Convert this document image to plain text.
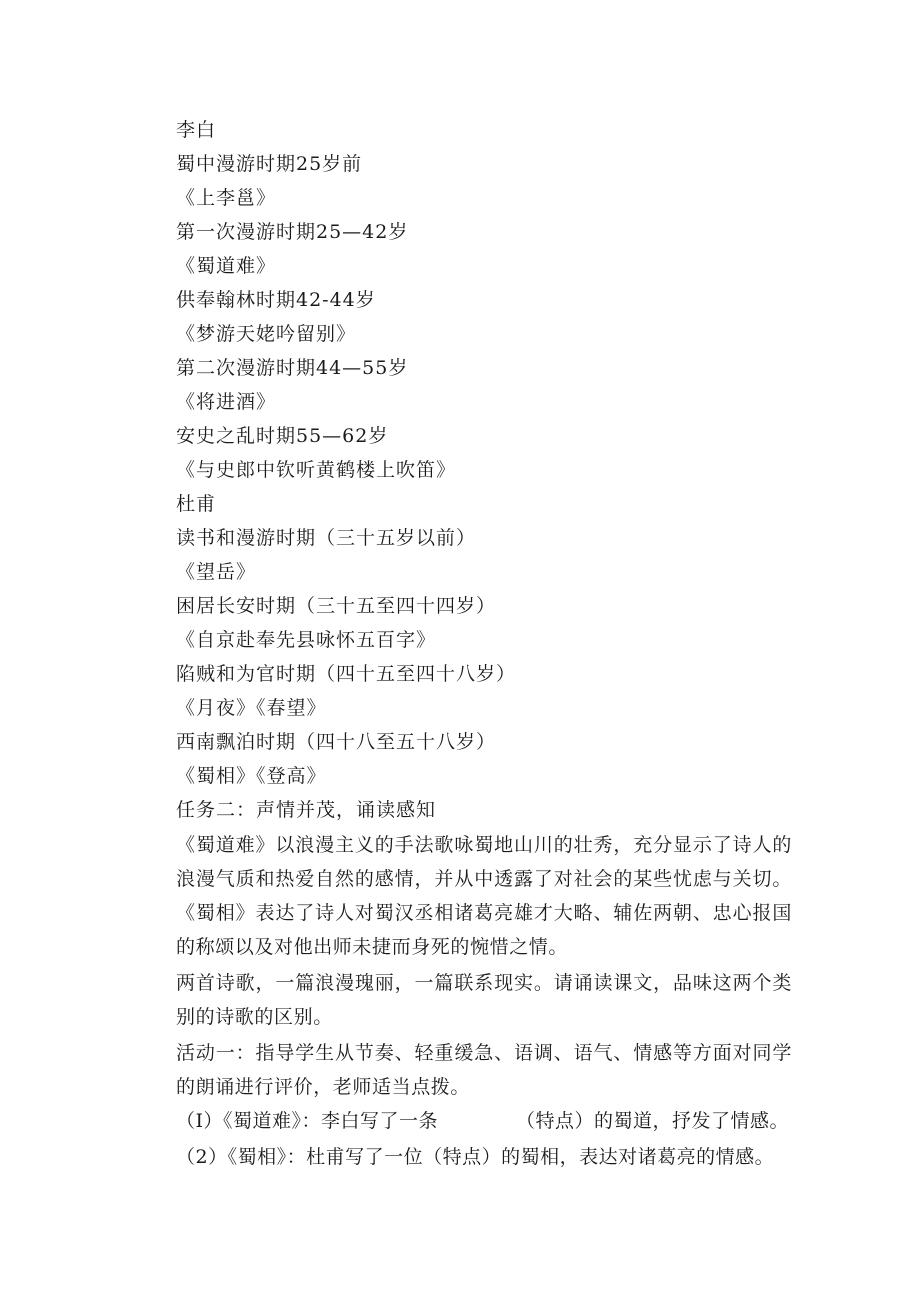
李白
蜀中漫游时期25岁前
《上李邕》
第一次漫游时期25—42岁
《蜀道难》
供奉翰林时期42-44岁
《梦游天姥吟留别》
第二次漫游时期44—55岁
《将进酒》
安史之乱时期55—62岁
《与史郎中钦听黄鹤楼上吹笛》
杜甫
读书和漫游时期（三十五岁以前）
《望岳》
困居长安时期（三十五至四十四岁）
《自京赴奉先县咏怀五百字》
陷贼和为官时期（四十五至四十八岁）
《月夜》《春望》
西南飘泊时期（四十八至五十八岁）
《蜀相》《登高》
任务二：声情并茂，诵读感知
《蜀道难》以浪漫主义的手法歌咏蜀地山川的壮秀，充分显示了诗人的浪漫气质和热爱自然的感情，并从中透露了对社会的某些忧虑与关切。《蜀相》表达了诗人对蜀汉丞相诸葛亮雄才大略、辅佐两朝、忠心报国的称颂以及对他出师未捷而身死的惋惜之情。
两首诗歌，一篇浪漫瑰丽，一篇联系现实。请诵读课文，品味这两个类别的诗歌的区别。
活动一：指导学生从节奏、轻重缓急、语调、语气、情感等方面对同学的朗诵进行评价，老师适当点拨。
（I）《蜀道难》：李白写了一条	（特点）的蜀道，抒发了情感。
（2）《蜀相》：杜甫写了一位（特点）的蜀相，表达对诸葛亮的情感。
